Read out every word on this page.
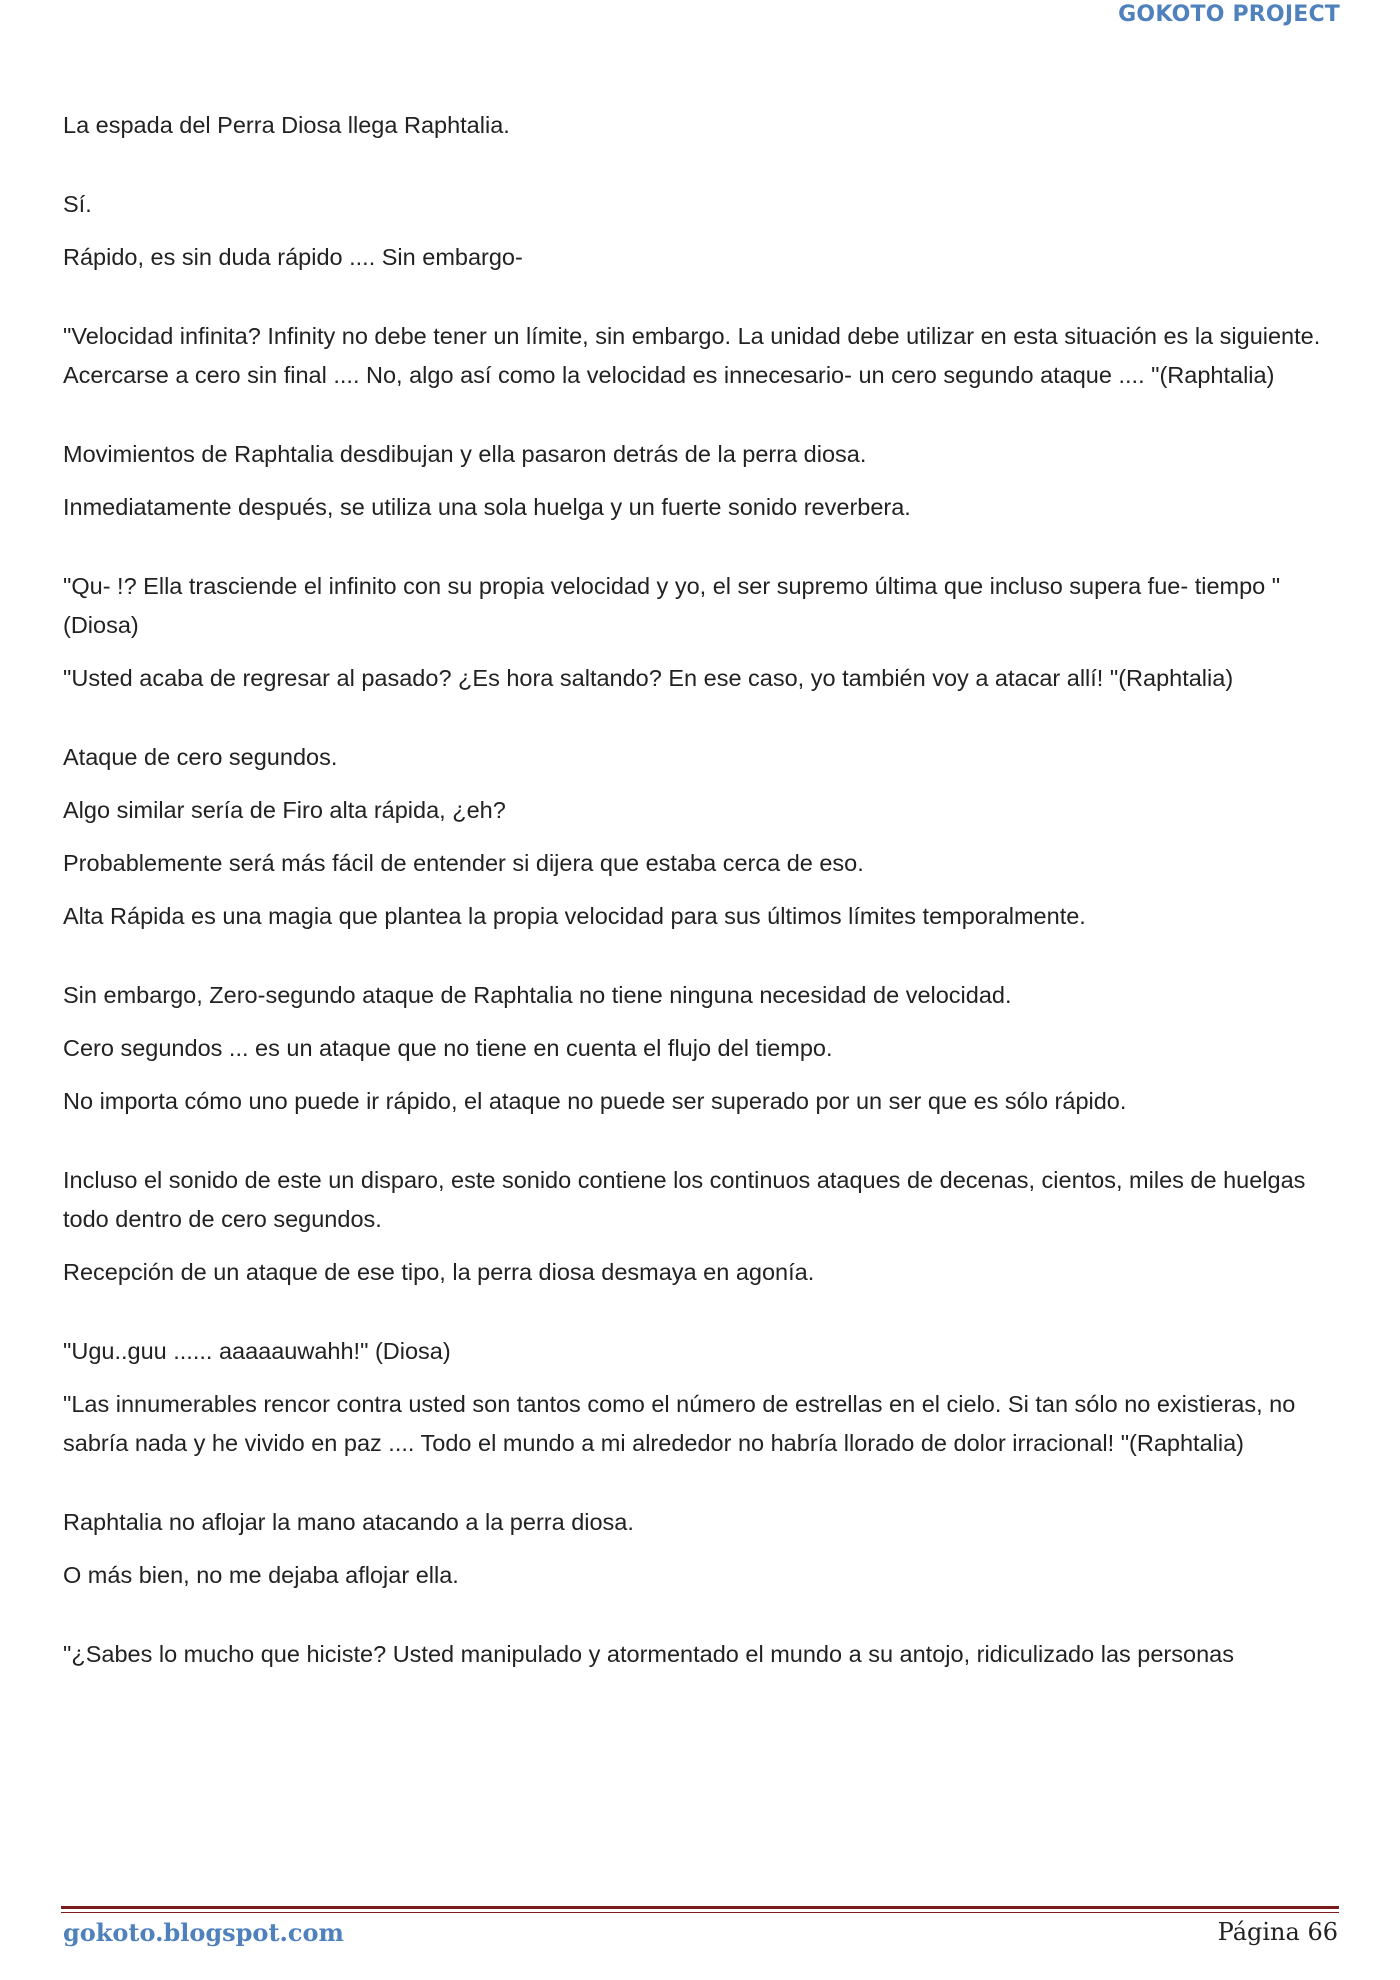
GOKOTO PROJECT

La espada del Perra Diosa llega Raphtalia.

Sí.

Rápido, es sin duda rápido .... Sin embargo-

"Velocidad infinita? Infinity no debe tener un límite, sin embargo. La unidad debe utilizar en esta situación es la siguiente. Acercarse a cero sin final .... No, algo así como la velocidad es innecesario- un cero segundo ataque .... "(Raphtalia)

Movimientos de Raphtalia desdibujan y ella pasaron detrás de la perra diosa.

Inmediatamente después, se utiliza una sola huelga y un fuerte sonido reverbera.

"Qu- !? Ella trasciende el infinito con su propia velocidad y yo, el ser supremo última que incluso supera fue- tiempo "(Diosa)

"Usted acaba de regresar al pasado? ¿Es hora saltando? En ese caso, yo también voy a atacar allí! "(Raphtalia)

Ataque de cero segundos.

Algo similar sería de Firo alta rápida, ¿eh?

Probablemente será más fácil de entender si dijera que estaba cerca de eso.

Alta Rápida es una magia que plantea la propia velocidad para sus últimos límites temporalmente.

Sin embargo, Zero-segundo ataque de Raphtalia no tiene ninguna necesidad de velocidad.

Cero segundos ... es un ataque que no tiene en cuenta el flujo del tiempo.

No importa cómo uno puede ir rápido, el ataque no puede ser superado por un ser que es sólo rápido.

Incluso el sonido de este un disparo, este sonido contiene los continuos ataques de decenas, cientos, miles de huelgas todo dentro de cero segundos.

Recepción de un ataque de ese tipo, la perra diosa desmaya en agonía.

"Ugu..guu ...... aaaaauwahh!" (Diosa)

"Las innumerables rencor contra usted son tantos como el número de estrellas en el cielo. Si tan sólo no existieras, no sabría nada y he vivido en paz .... Todo el mundo a mi alrededor no habría llorado de dolor irracional! "(Raphtalia)

Raphtalia no aflojar la mano atacando a la perra diosa.

O más bien, no me dejaba aflojar ella.

"¿Sabes lo mucho que hiciste? Usted manipulado y atormentado el mundo a su antojo, ridiculizado las personas

gokoto.blogspot.com	Página 66
